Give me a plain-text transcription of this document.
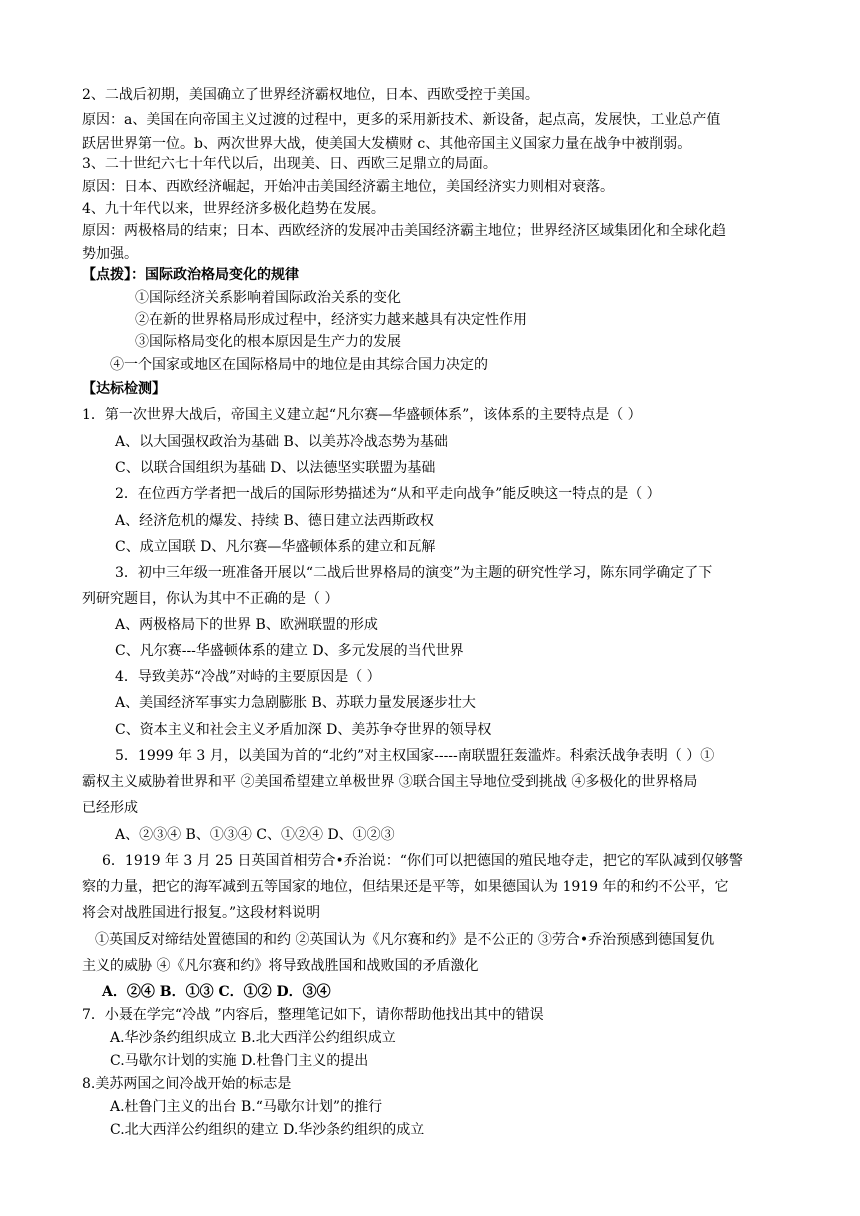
2、二战后初期，美国确立了世界经济霸权地位，日本、西欧受控于美国。
原因：a、美国在向帝国主义过渡的过程中，更多的采用新技术、新设备，起点高，发展快，工业总产值
跃居世界第一位。b、两次世界大战，使美国大发横财 c、其他帝国主义国家力量在战争中被削弱。
3、二十世纪六七十年代以后，出现美、日、西欧三足鼎立的局面。
原因：日本、西欧经济崛起，开始冲击美国经济霸主地位，美国经济实力则相对衰落。
4、九十年代以来，世界经济多极化趋势在发展。
原因：两极格局的结束；日本、西欧经济的发展冲击美国经济霸主地位；世界经济区域集团化和全球化趋
势加强。
【点拨】：国际政治格局变化的规律
①国际经济关系影响着国际政治关系的变化
②在新的世界格局形成过程中，经济实力越来越具有决定性作用
③国际格局变化的根本原因是生产力的发展
④一个国家或地区在国际格局中的地位是由其综合国力决定的
【达标检测】
1．第一次世界大战后，帝国主义建立起“凡尔赛—华盛顿体系”，该体系的主要特点是（ ）
A、以大国强权政治为基础 B、以美苏冷战态势为基础
C、以联合国组织为基础 D、以法德坚实联盟为基础
2．在位西方学者把一战后的国际形势描述为“从和平走向战争”能反映这一特点的是（ ）
A、经济危机的爆发、持续 B、德日建立法西斯政权
C、成立国联 D、凡尔赛—华盛顿体系的建立和瓦解
3．初中三年级一班准备开展以“二战后世界格局的演变”为主题的研究性学习，陈东同学确定了下
列研究题目，你认为其中不正确的是（ ）
A、两极格局下的世界 B、欧洲联盟的形成
C、凡尔赛---华盛顿体系的建立 D、多元发展的当代世界
4．导致美苏“冷战”对峙的主要原因是（ ）
A、美国经济军事实力急剧膨胀 B、苏联力量发展逐步壮大
C、资本主义和社会主义矛盾加深 D、美苏争夺世界的领导权
5．1999 年 3 月，以美国为首的“北约”对主权国家-----南联盟狂轰滥炸。科索沃战争表明（ ）①
霸权主义威胁着世界和平 ②美国希望建立单极世界 ③联合国主导地位受到挑战 ④多极化的世界格局
已经形成
A、②③④ B、①③④ C、①②④ D、①②③
6．1919 年 3 月 25 日英国首相劳合•乔治说：“你们可以把德国的殖民地夺走，把它的军队减到仅够警
察的力量，把它的海军减到五等国家的地位，但结果还是平等，如果德国认为 1919 年的和约不公平，它
将会对战胜国进行报复。”这段材料说明
①英国反对缔结处置德国的和约 ②英国认为《凡尔赛和约》是不公正的 ③劳合•乔治预感到德国复仇
主义的威胁 ④《凡尔赛和约》将导致战胜国和战败国的矛盾激化
A．②④ B．①③ C．①② D．③④
7．小聂在学完“冷战 ”内容后，整理笔记如下，请你帮助他找出其中的错误
A.华沙条约组织成立 B.北大西洋公约组织成立
C.马歇尔计划的实施 D.杜鲁门主义的提出
8.美苏两国之间冷战开始的标志是
A.杜鲁门主义的出台 B.“马歇尔计划”的推行
C.北大西洋公约组织的建立 D.华沙条约组织的成立
